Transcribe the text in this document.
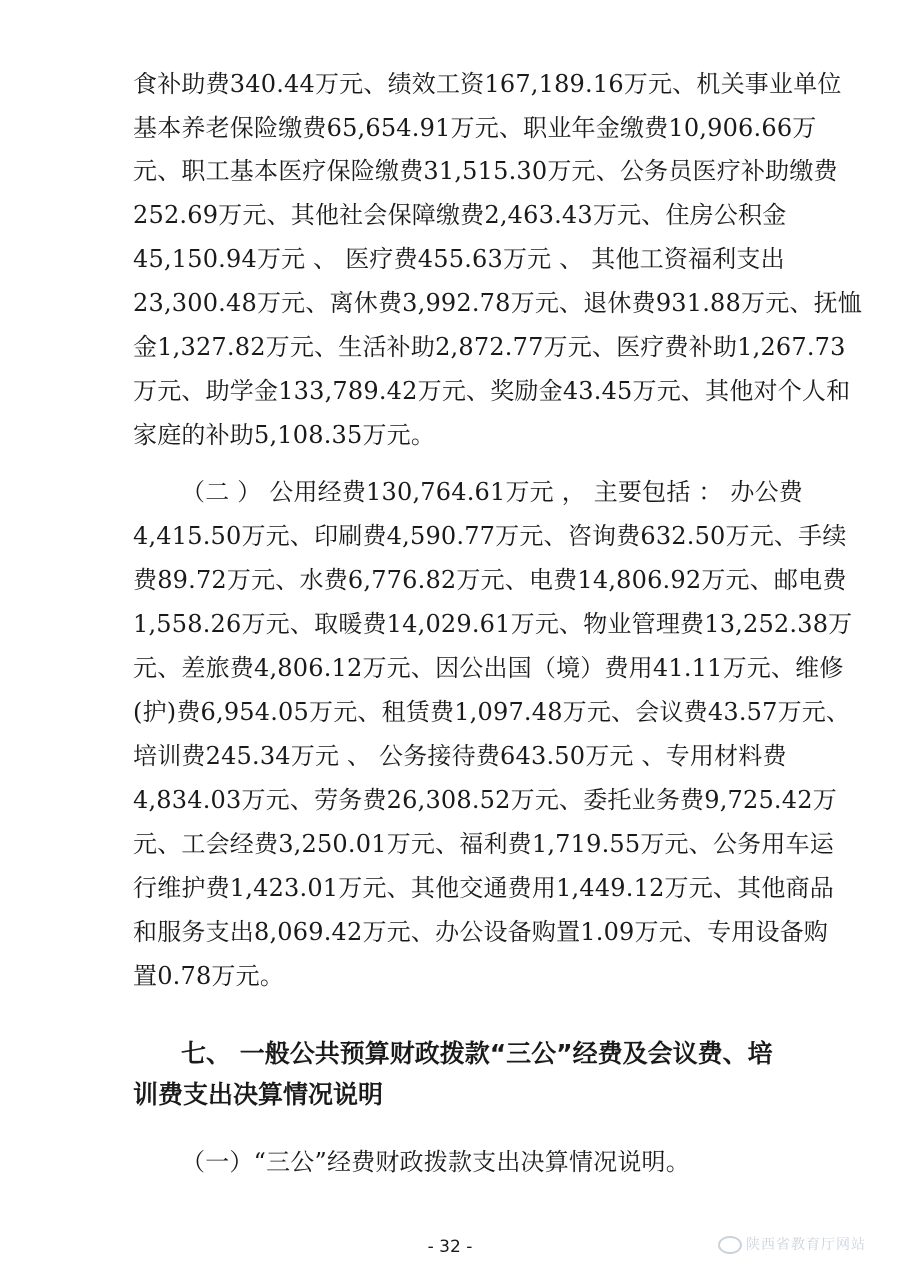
食补助费340.44万元、绩效工资167,189.16万元、机关事业单位
基本养老保险缴费65,654.91万元、职业年金缴费10,906.66万
元、职工基本医疗保险缴费31,515.30万元、公务员医疗补助缴费
252.69万元、其他社会保障缴费2,463.43万元、住房公积金
45,150.94万元 、 医疗费455.63万元 、 其他工资福利支出
23,300.48万元、离休费3,992.78万元、退休费931.88万元、抚恤
金1,327.82万元、生活补助2,872.77万元、医疗费补助1,267.73
万元、助学金133,789.42万元、奖励金43.45万元、其他对个人和
家庭的补助5,108.35万元。
（二 ） 公用经费130,764.61万元 ， 主要包括 ： 办公费
4,415.50万元、印刷费4,590.77万元、咨询费632.50万元、手续
费89.72万元、水费6,776.82万元、电费14,806.92万元、邮电费
1,558.26万元、取暖费14,029.61万元、物业管理费13,252.38万
元、差旅费4,806.12万元、因公出国（境）费用41.11万元、维修
(护)费6,954.05万元、租赁费1,097.48万元、会议费43.57万元、
培训费245.34万元 、 公务接待费643.50万元 、专用材料费
4,834.03万元、劳务费26,308.52万元、委托业务费9,725.42万
元、工会经费3,250.01万元、福利费1,719.55万元、公务用车运
行维护费1,423.01万元、其他交通费用1,449.12万元、其他商品
和服务支出8,069.42万元、办公设备购置1.09万元、专用设备购
置0.78万元。
七、 一般公共预算财政拨款“三公”经费及会议费、培
训费支出决算情况说明
（一）“三公”经费财政拨款支出决算情况说明。
- 32 -	陕西省教育厅网站
